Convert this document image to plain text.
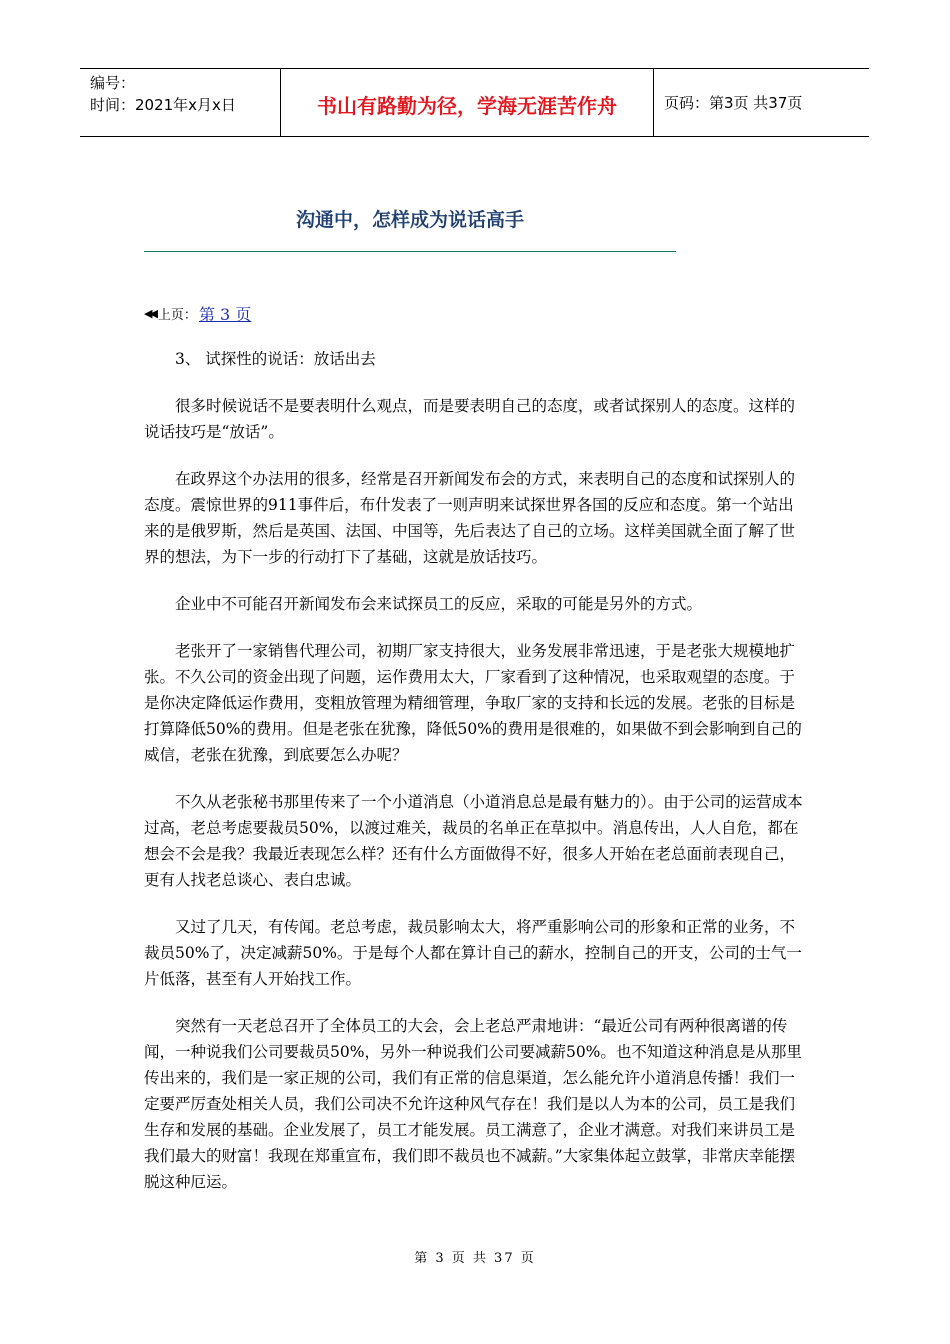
编号：
时间：2021年x月x日	书山有路勤为径，学海无涯苦作舟	页码：第3页 共37页
沟通中，怎样成为说话高手
◀◀ 上页： 第 3 页

3、 试探性的说话：放话出去

很多时候说话不是要表明什么观点，而是要表明自己的态度，或者试探别人的态度。这样的说话技巧是“放话”。

在政界这个办法用的很多，经常是召开新闻发布会的方式，来表明自己的态度和试探别人的态度。震惊世界的911事件后，布什发表了一则声明来试探世界各国的反应和态度。第一个站出来的是俄罗斯，然后是英国、法国、中国等，先后表达了自己的立场。这样美国就全面了解了世界的想法，为下一步的行动打下了基础，这就是放话技巧。

企业中不可能召开新闻发布会来试探员工的反应，采取的可能是另外的方式。

老张开了一家销售代理公司，初期厂家支持很大，业务发展非常迅速，于是老张大规模地扩张。不久公司的资金出现了问题，运作费用太大，厂家看到了这种情况，也采取观望的态度。于是你决定降低运作费用，变粗放管理为精细管理，争取厂家的支持和长远的发展。老张的目标是打算降低50%的费用。但是老张在犹豫，降低50%的费用是很难的，如果做不到会影响到自己的威信，老张在犹豫，到底要怎么办呢？

不久从老张秘书那里传来了一个小道消息（小道消息总是最有魅力的）。由于公司的运营成本过高，老总考虑要裁员50%，以渡过难关，裁员的名单正在草拟中。消息传出，人人自危，都在想会不会是我？我最近表现怎么样？还有什么方面做得不好，很多人开始在老总面前表现自己，更有人找老总谈心、表白忠诚。

又过了几天，有传闻。老总考虑，裁员影响太大，将严重影响公司的形象和正常的业务，不裁员50%了，决定减薪50%。于是每个人都在算计自己的薪水，控制自己的开支，公司的士气一片低落，甚至有人开始找工作。

突然有一天老总召开了全体员工的大会，会上老总严肃地讲：“最近公司有两种很离谱的传闻，一种说我们公司要裁员50%，另外一种说我们公司要减薪50%。也不知道这种消息是从那里传出来的，我们是一家正规的公司，我们有正常的信息渠道，怎么能允许小道消息传播！我们一定要严厉查处相关人员，我们公司决不允许这种风气存在！我们是以人为本的公司，员工是我们生存和发展的基础。企业发展了，员工才能发展。员工满意了，企业才满意。对我们来讲员工是我们最大的财富！我现在郑重宣布，我们即不裁员也不减薪。”大家集体起立鼓掌，非常庆幸能摆脱这种厄运。

第 3 页 共 37 页
